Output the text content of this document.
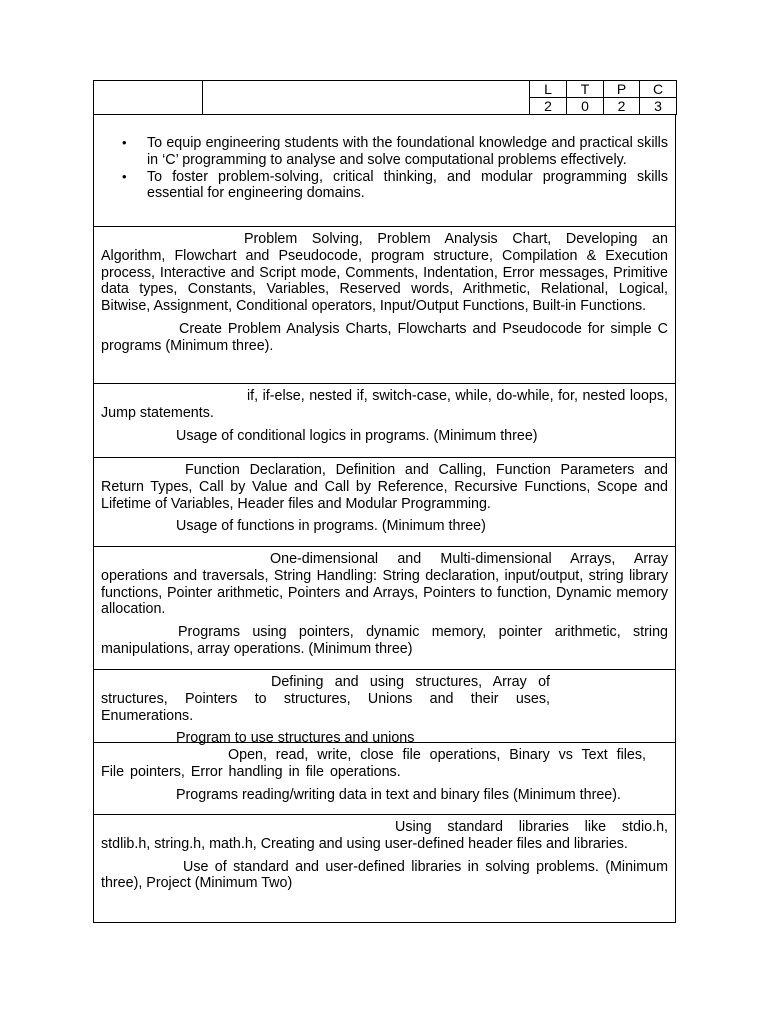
		L	T	P	C
		2	0	2	3
• To equip engineering students with the foundational knowledge and practical skills in ‘C’ programming to analyse and solve computational problems effectively.
• To foster problem-solving, critical thinking, and modular programming skills essential for engineering domains.

Problem Solving, Problem Analysis Chart, Developing an Algorithm, Flowchart and Pseudocode, program structure, Compilation & Execution process, Interactive and Script mode, Comments, Indentation, Error messages, Primitive data types, Constants, Variables, Reserved words, Arithmetic, Relational, Logical, Bitwise, Assignment, Conditional operators, Input/Output Functions, Built-in Functions.

Create Problem Analysis Charts, Flowcharts and Pseudocode for simple C programs (Minimum three).

if, if-else, nested if, switch-case, while, do-while, for, nested loops, Jump statements.

Usage of conditional logics in programs. (Minimum three)

Function Declaration, Definition and Calling, Function Parameters and Return Types, Call by Value and Call by Reference, Recursive Functions, Scope and Lifetime of Variables, Header files and Modular Programming.

Usage of functions in programs. (Minimum three)

One-dimensional and Multi-dimensional Arrays, Array operations and traversals, String Handling: String declaration, input/output, string library functions, Pointer arithmetic, Pointers and Arrays, Pointers to function, Dynamic memory allocation.

Programs using pointers, dynamic memory, pointer arithmetic, string manipulations, array operations. (Minimum three)

Defining and using structures, Array of structures, Pointers to structures, Unions and their uses, Enumerations.

Program to use structures and unions

Open, read, write, close file operations, Binary vs Text files, File pointers, Error handling in file operations.

Programs reading/writing data in text and binary files (Minimum three).

Using standard libraries like stdio.h, stdlib.h, string.h, math.h, Creating and using user-defined header files and libraries.

Use of standard and user-defined libraries in solving problems. (Minimum three), Project (Minimum Two)
